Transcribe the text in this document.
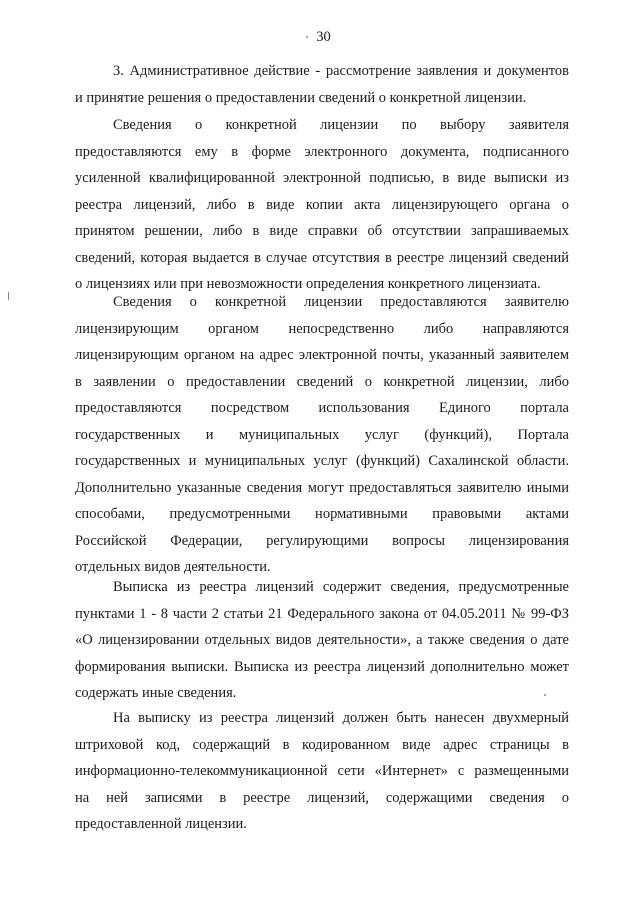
30
3. Административное действие - рассмотрение заявления и документов
и принятие решения о предоставлении сведений о конкретной лицензии.
Сведения о конкретной лицензии по выбору заявителя
предоставляются ему в форме электронного документа, подписанного
усиленной квалифицированной электронной подписью, в виде выписки из
реестра лицензий, либо в виде копии акта лицензирующего органа о
принятом решении, либо в виде справки об отсутствии запрашиваемых
сведений, которая выдается в случае отсутствия в реестре лицензий сведений
о лицензиях или при невозможности определения конкретного лицензиата.
Сведения о конкретной лицензии предоставляются заявителю
лицензирующим органом непосредственно либо направляются
лицензирующим органом на адрес электронной почты, указанный заявителем
в заявлении о предоставлении сведений о конкретной лицензии, либо
предоставляются посредством использования Единого портала
государственных и муниципальных услуг (функций), Портала
государственных и муниципальных услуг (функций) Сахалинской области.
Дополнительно указанные сведения могут предоставляться заявителю иными
способами, предусмотренными нормативными правовыми актами
Российской Федерации, регулирующими вопросы лицензирования
отдельных видов деятельности.
Выписка из реестра лицензий содержит сведения, предусмотренные
пунктами 1 - 8 части 2 статьи 21 Федерального закона от 04.05.2011 № 99-ФЗ
«О лицензировании отдельных видов деятельности», а также сведения о дате
формирования выписки. Выписка из реестра лицензий дополнительно может
содержать иные сведения.
На выписку из реестра лицензий должен быть нанесен двухмерный
штриховой код, содержащий в кодированном виде адрес страницы в
информационно-телекоммуникационной сети «Интернет» с размещенными
на ней записями в реестре лицензий, содержащими сведения о
предоставленной лицензии.
